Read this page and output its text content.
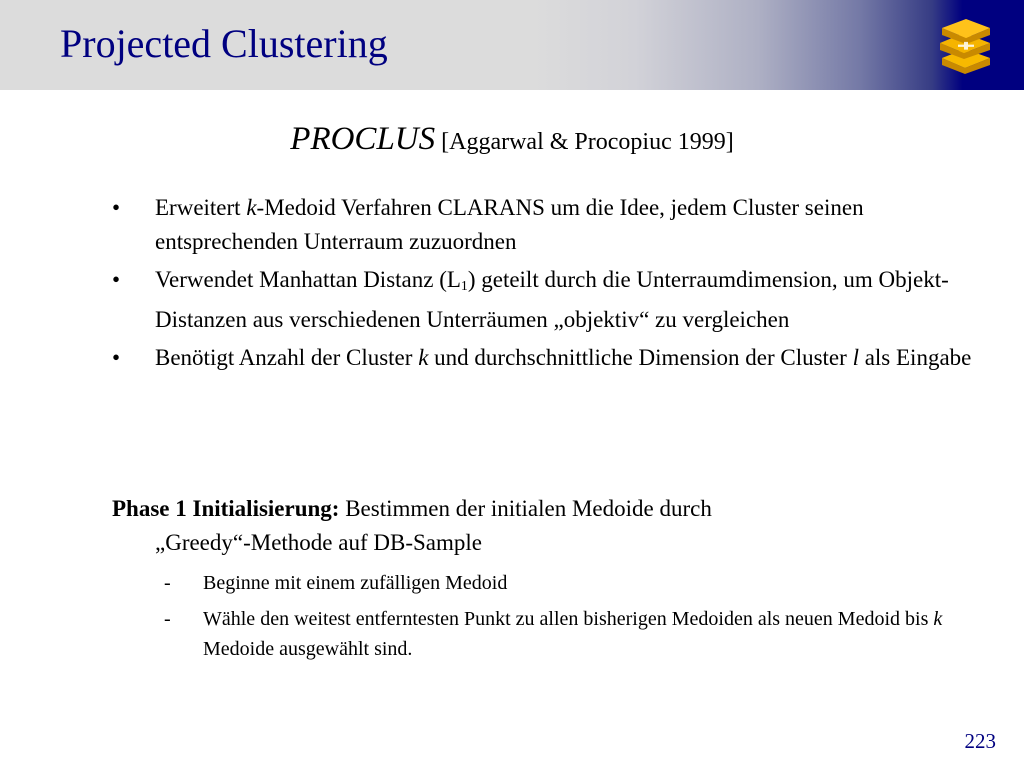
Projected Clustering
PROCLUS [Aggarwal & Procopiuc 1999]
• Erweitert k-Medoid Verfahren CLARANS um die Idee, jedem Cluster seinen entsprechenden Unterraum zuzuordnen
• Verwendet Manhattan Distanz $(L_1)$ geteilt durch die Unterraumdimension, um Objekt-Distanzen aus verschiedenen Unterräumen „objektiv“ zu vergleichen
• Benötigt Anzahl der Cluster k und durchschnittliche Dimension der Cluster l als Eingabe
Phase 1 Initialisierung: Bestimmen der initialen Medoide durch
„Greedy“-Methode auf DB-Sample
- Beginne mit einem zufälligen Medoid
- Wähle den weitest entferntesten Punkt zu allen bisherigen Medoiden als neuen Medoid bis k Medoide ausgewählt sind.
223
